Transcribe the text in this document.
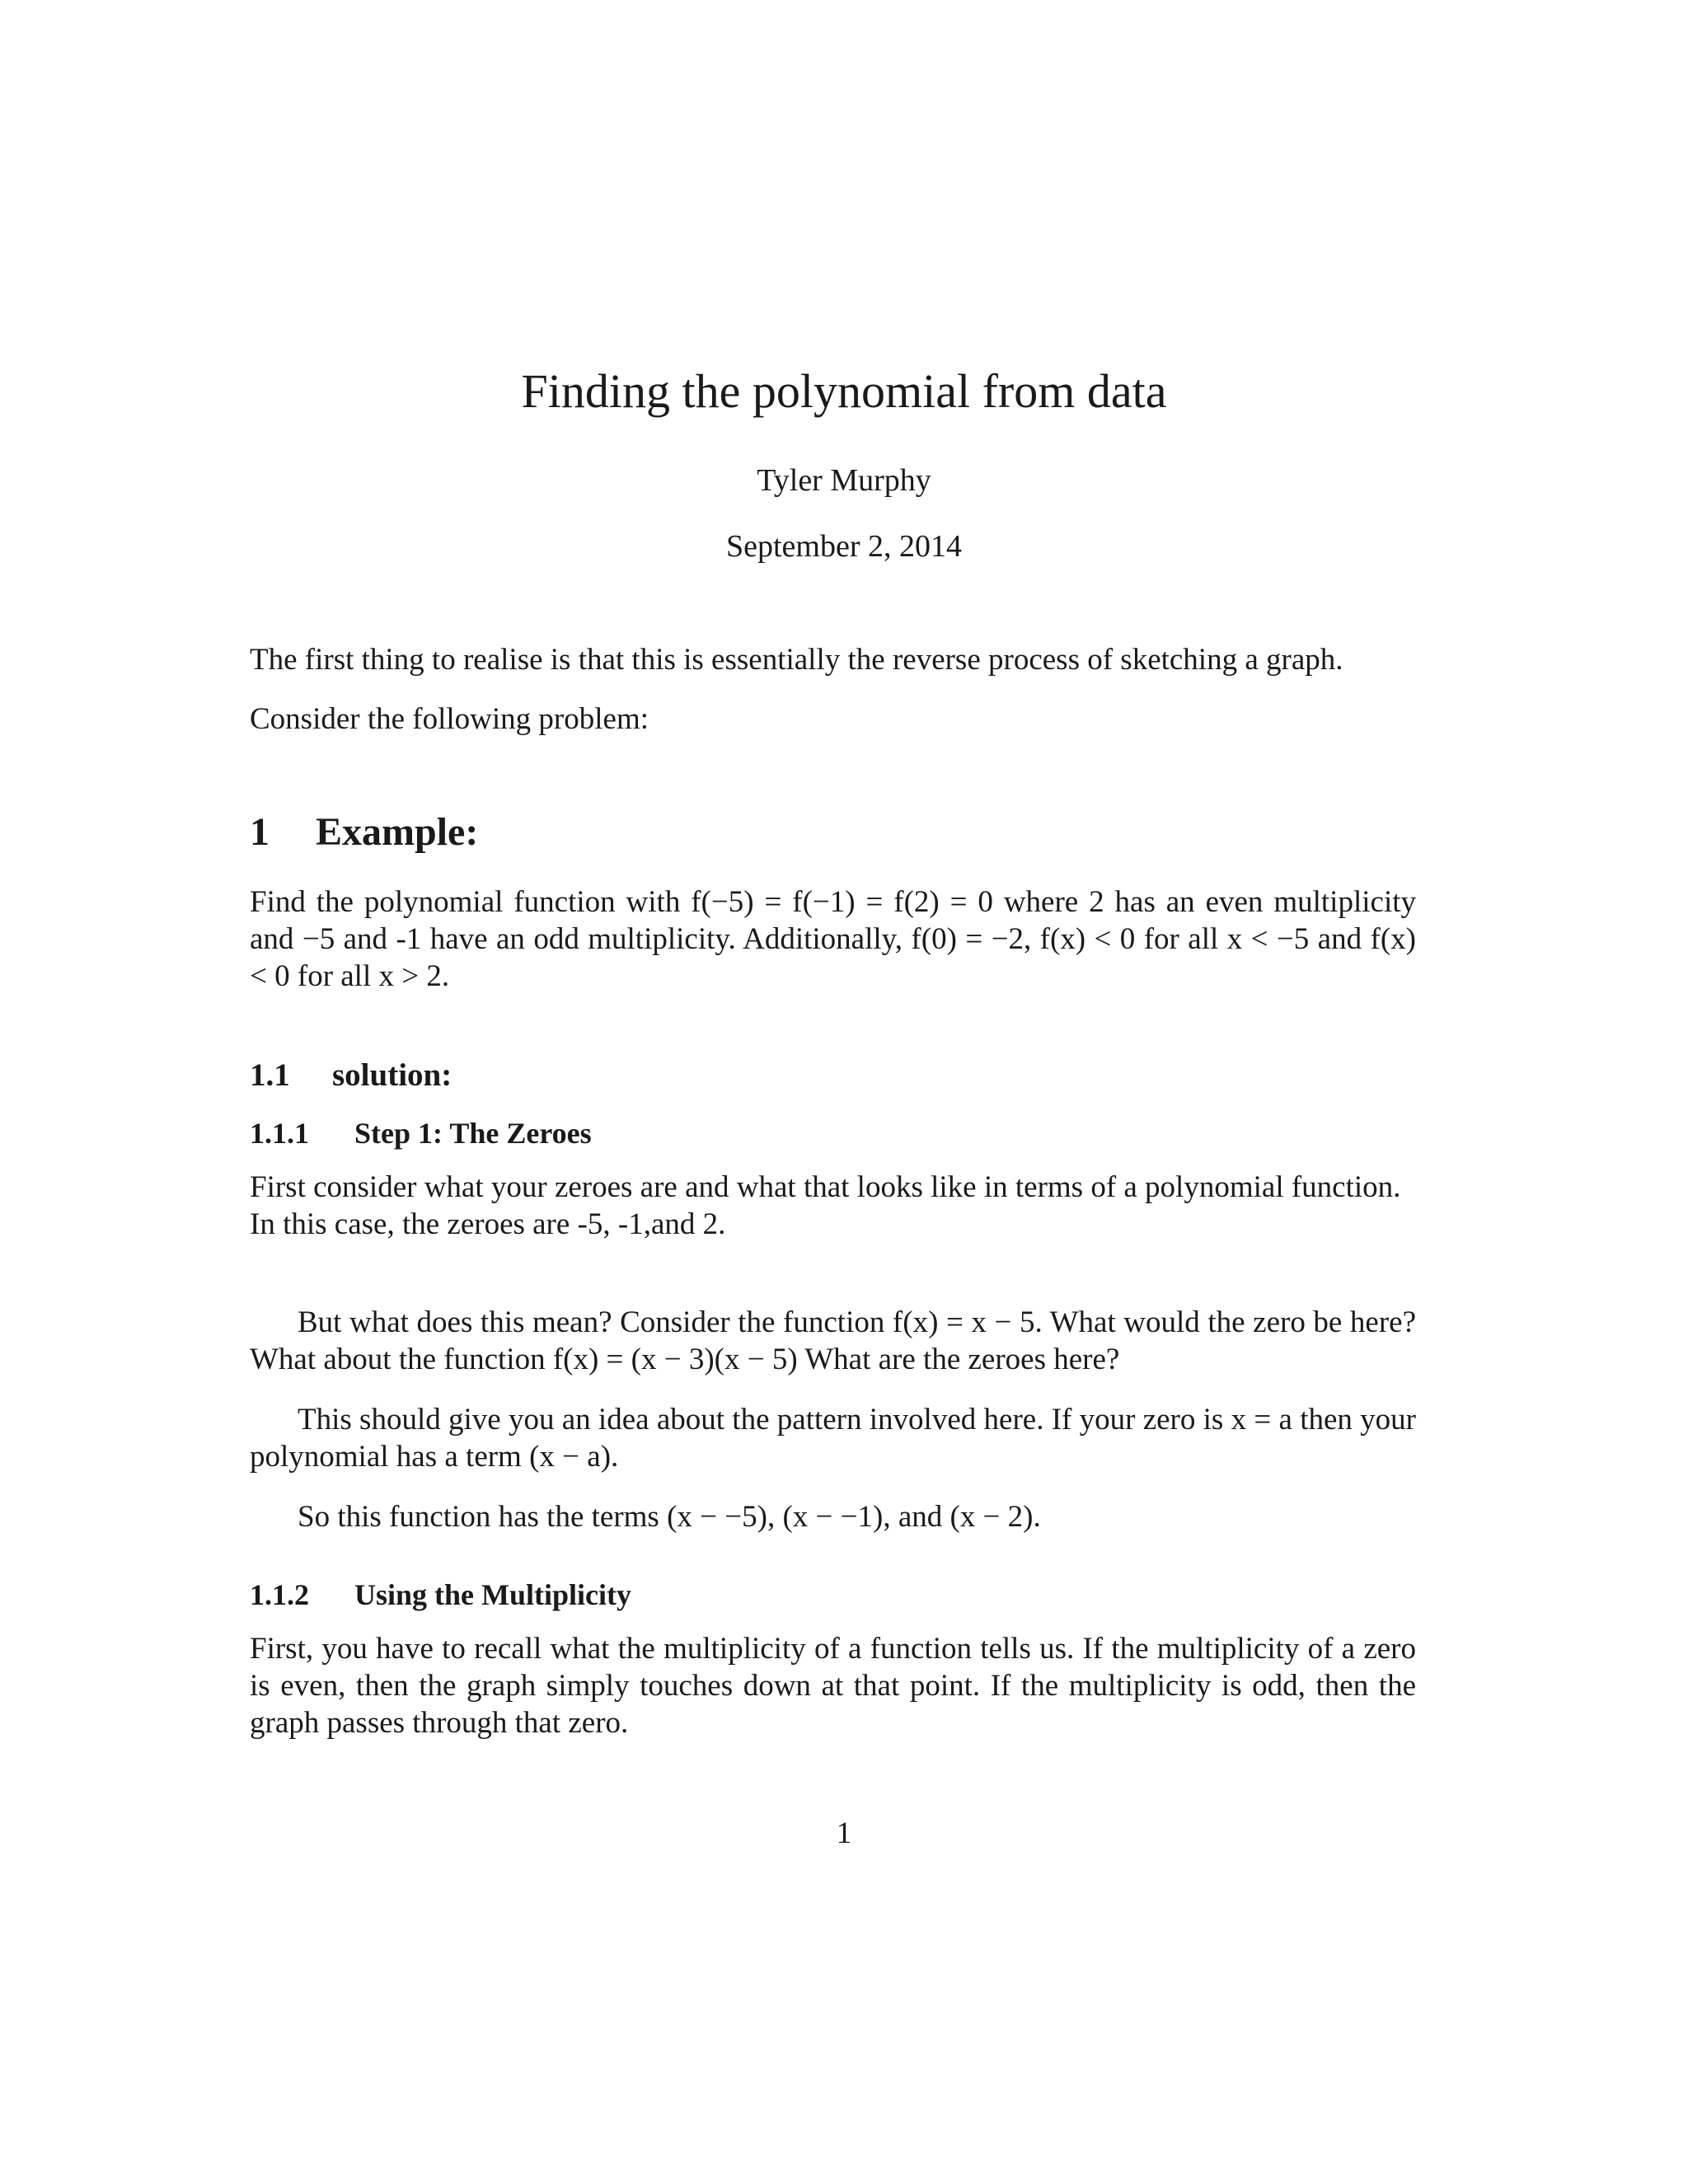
Finding the polynomial from data
Tyler Murphy
September 2, 2014

The first thing to realise is that this is essentially the reverse process of sketching a graph.

Consider the following problem:

1	Example:

Find the polynomial function with f(−5) = f(−1) = f(2) = 0 where 2 has an even multiplicity and −5 and -1 have an odd multiplicity. Additionally, f(0) = −2, f(x) < 0 for all x < −5 and f(x) < 0 for all x > 2.

1.1	solution:
1.1.1	Step 1: The Zeroes

First consider what your zeroes are and what that looks like in terms of a polynomial function.

In this case, the zeroes are -5, -1,and 2.

But what does this mean? Consider the function f(x) = x − 5. What would the zero be here? What about the function f(x) = (x − 3)(x − 5) What are the zeroes here?

This should give you an idea about the pattern involved here. If your zero is x = a then your polynomial has a term (x − a).

So this function has the terms (x − −5), (x − −1), and (x − 2).

1.1.2	Using the Multiplicity

First, you have to recall what the multiplicity of a function tells us. If the multiplicity of a zero is even, then the graph simply touches down at that point. If the multiplicity is odd, then the graph passes through that zero.

1
